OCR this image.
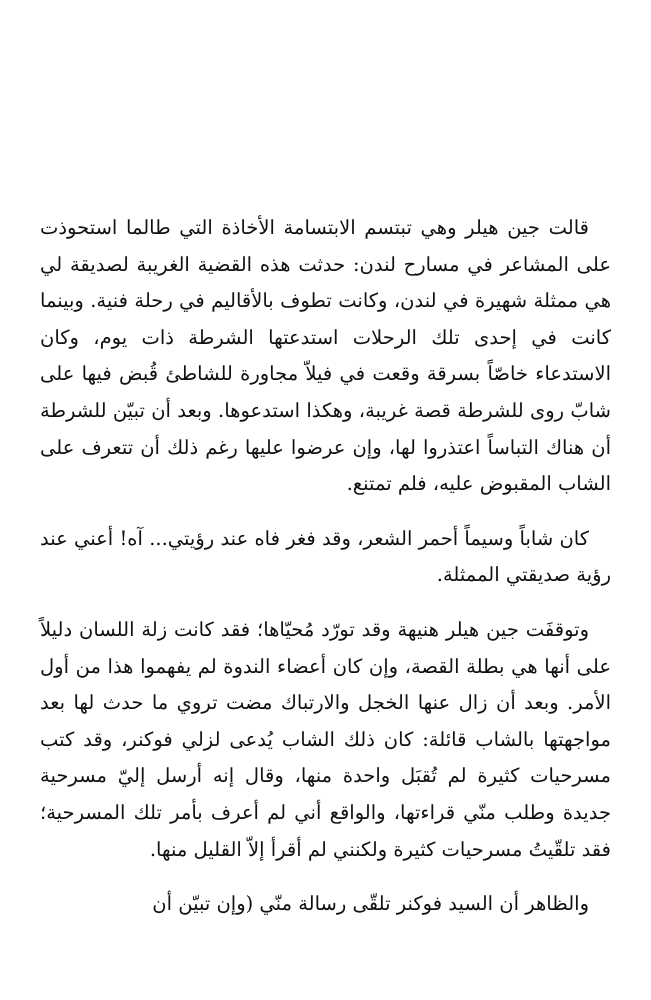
قالت جين هيلر وهي تبتسم الابتسامة الأخاذة التي طالما استحوذت على المشاعر في مسارح لندن: حدثت هذه القضية الغريبة لصديقة لي هي ممثلة شهيرة في لندن، وكانت تطوف بالأقاليم في رحلة فنية. وبينما كانت في إحدى تلك الرحلات استدعتها الشرطة ذات يوم، وكان الاستدعاء خاصّاً بسرقة وقعت في فيلاّ مجاورة للشاطئ قُبض فيها على شابّ روى للشرطة قصة غريبة، وهكذا استدعوها. وبعد أن تبيّن للشرطة أن هناك التباساً اعتذروا لها، وإن عرضوا عليها رغم ذلك أن تتعرف على الشاب المقبوض عليه، فلم تمتنع.

كان شاباً وسيماً أحمر الشعر، وقد فغر فاه عند رؤيتي... آه! أعني عند رؤية صديقتي الممثلة.

وتوقفَت جين هيلر هنيهة وقد تورّد مُحيّاها؛ فقد كانت زلة اللسان دليلاً على أنها هي بطلة القصة، وإن كان أعضاء الندوة لم يفهموا هذا من أول الأمر. وبعد أن زال عنها الخجل والارتباك مضت تروي ما حدث لها بعد مواجهتها بالشاب قائلة: كان ذلك الشاب يُدعى لزلي فوكنر، وقد كتب مسرحيات كثيرة لم تُقبَل واحدة منها، وقال إنه أرسل إليّ مسرحية جديدة وطلب منّي قراءتها، والواقع أني لم أعرف بأمر تلك المسرحية؛ فقد تلقّيتُ مسرحيات كثيرة ولكنني لم أقرأ إلاّ القليل منها.

والظاهر أن السيد فوكنر تلقّى رسالة منّي (وإن تبيّن أن
